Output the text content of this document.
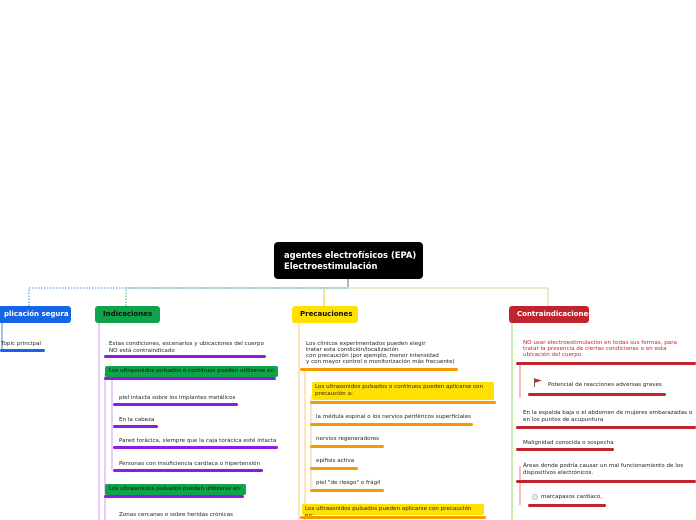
agentes electrofísicos (EPA)
Electroestimulación
plicación segura
Topic principal
Indicaciones
Estas condiciones, escenarios y ubicaciones del cuerpo
NO está contraindicado
Los ultrasonidos pulsados o continuos pueden utilizarse en
piel intacta sobre los implantes metálicos
En la cabeza
Pared torácica, siempre que la caja torácica esté intacta
Personas con insuficiencia cardiaca o hipertensión
Los ultrasonidos pulsados pueden utilizarse en:
Zonas cercanas o sobre heridas crónicas
Precauciones
Los clínicos experimentados pueden elegir
tratar esta condición/localización
con precaución (por ejemplo, menor intensidad
y con mayor control o monitorización más frecuente)
Los ultrasonidos pulsados o continuos pueden aplicarse con
precaución a:
la médula espinal o los nervios periféricos superficiales
nervios regeneradores
epífisis activa
piel "de riesgo" o frágil
Los ultrasonidos pulsados pueden aplicarse con precaución
Contraindicaciones
NO usar electroestimulación en todas sus formas, para
tratar la presencia de ciertas condiciones o en esta
ubicación del cuerpo.
Potencial de reacciones adversas graves
En la espalda baja o el abdomen de mujeres embarazadas o
en los puntos de acupuntura
Malignidad conocida o sospecha
Áreas donde podría causar un mal funcionamiento de los
dispositivos electrónicos.
marcapasos cardiaco,
